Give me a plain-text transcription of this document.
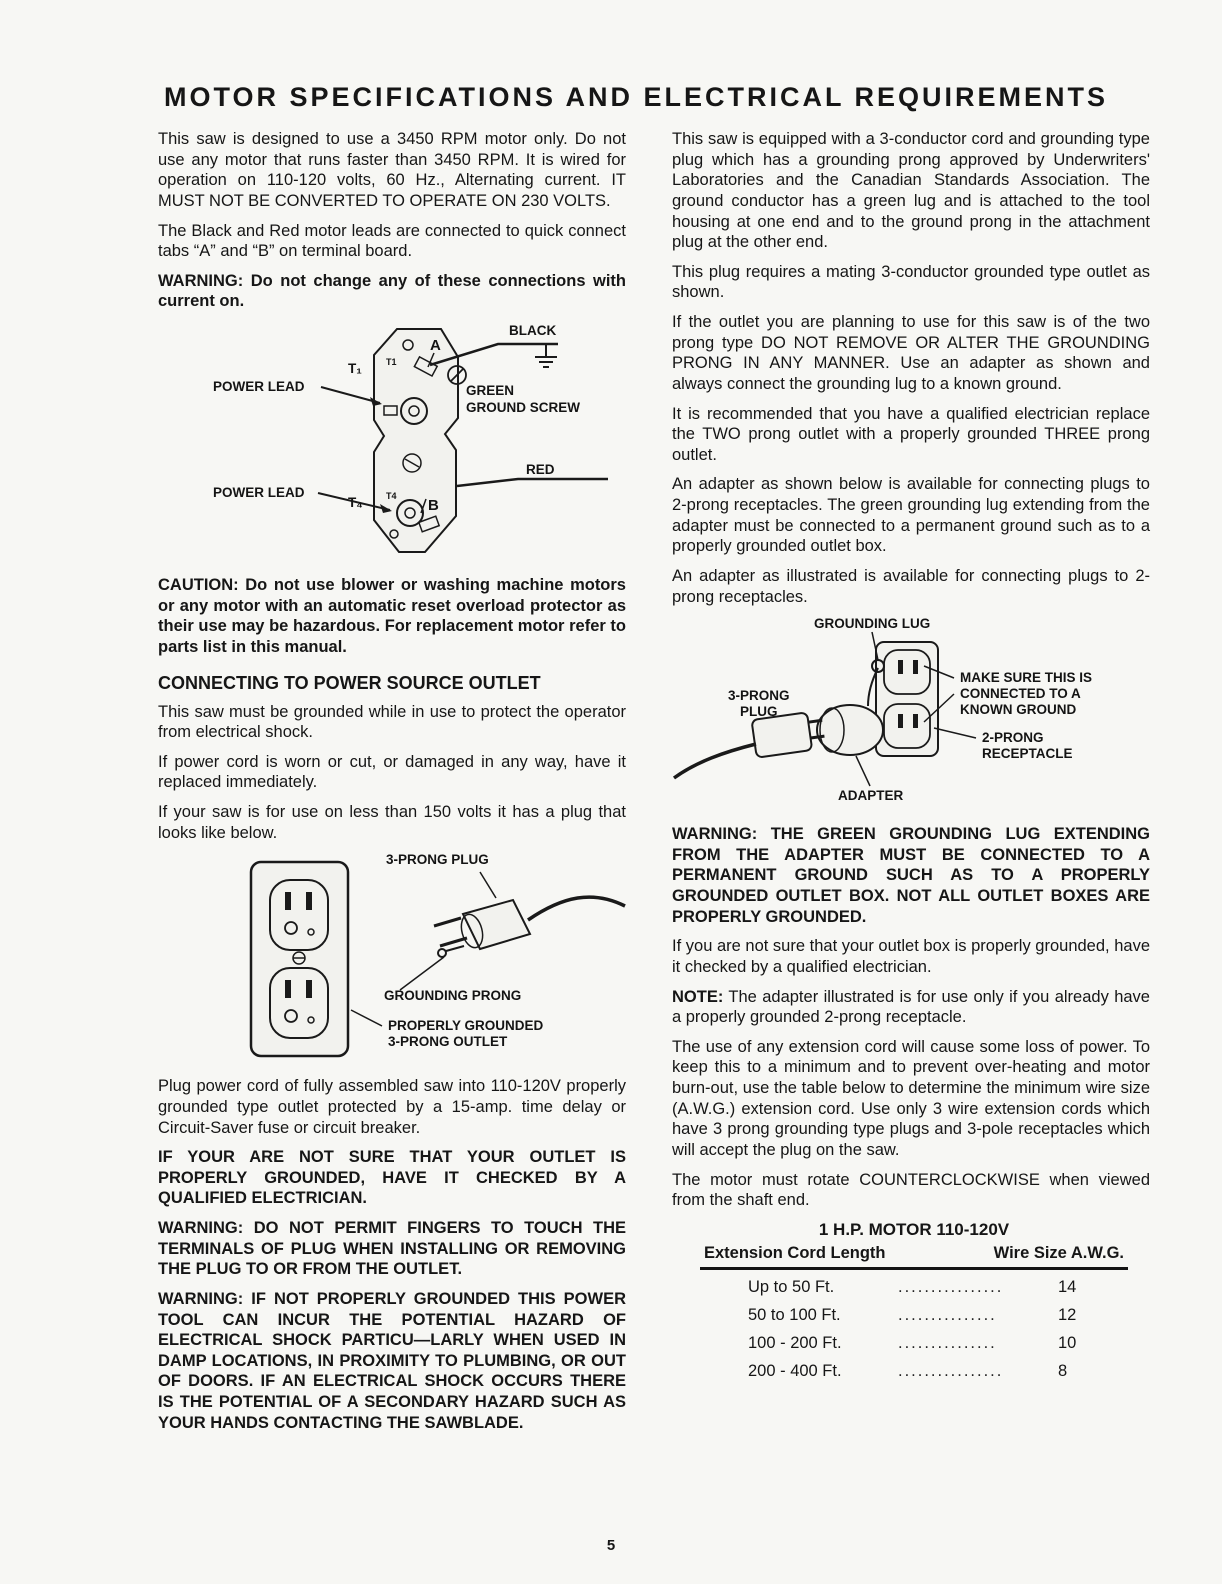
MOTOR SPECIFICATIONS AND ELECTRICAL REQUIREMENTS

This saw is designed to use a 3450 RPM motor only. Do not use any motor that runs faster than 3450 RPM. It is wired for operation on 110-120 volts, 60 Hz., Alternating current. IT MUST NOT BE CONVERTED TO OPERATE ON 230 VOLTS.

The Black and Red motor leads are connected to quick connect tabs “A” and “B” on terminal board.

WARNING: Do not change any of these connections with current on.

BLACK
POWER LEAD
T₁	T1
A
GREEN
GROUND SCREW
RED
POWER LEAD
T₄	T4
B

CAUTION: Do not use blower or washing machine motors or any motor with an automatic reset overload protector as their use may be hazardous. For replacement motor refer to parts list in this manual.

CONNECTING TO POWER SOURCE OUTLET

This saw must be grounded while in use to protect the operator from electrical shock.

If power cord is worn or cut, or damaged in any way, have it replaced immediately.

If your saw is for use on less than 150 volts it has a plug that looks like below.

3-PRONG PLUG
GROUNDING PRONG
PROPERLY GROUNDED
3-PRONG OUTLET

Plug power cord of fully assembled saw into 110-120V properly grounded type outlet protected by a 15-amp. time delay or Circuit-Saver fuse or circuit breaker.

IF YOUR ARE NOT SURE THAT YOUR OUTLET IS PROPERLY GROUNDED, HAVE IT CHECKED BY A QUALIFIED ELECTRICIAN.

WARNING: DO NOT PERMIT FINGERS TO TOUCH THE TERMINALS OF PLUG WHEN INSTALLING OR REMOVING THE PLUG TO OR FROM THE OUTLET.

WARNING: IF NOT PROPERLY GROUNDED THIS POWER TOOL CAN INCUR THE POTENTIAL HAZARD OF ELECTRICAL SHOCK PARTICU—LARLY WHEN USED IN DAMP LOCATIONS, IN PROXIMITY TO PLUMBING, OR OUT OF DOORS. IF AN ELECTRICAL SHOCK OCCURS THERE IS THE POTENTIAL OF A SECONDARY HAZARD SUCH AS YOUR HANDS CONTACTING THE SAWBLADE.

This saw is equipped with a 3-conductor cord and grounding type plug which has a grounding prong approved by Underwriters' Laboratories and the Canadian Standards Association. The ground conductor has a green lug and is attached to the tool housing at one end and to the ground prong in the attachment plug at the other end.

This plug requires a mating 3-conductor grounded type outlet as shown.

If the outlet you are planning to use for this saw is of the two prong type DO NOT REMOVE OR ALTER THE GROUNDING PRONG IN ANY MANNER. Use an adapter as shown and always connect the grounding lug to a known ground.

It is recommended that you have a qualified electrician replace the TWO prong outlet with a properly grounded THREE prong outlet.

An adapter as shown below is available for connecting plugs to 2-prong receptacles. The green grounding lug extending from the adapter must be connected to a permanent ground such as to a properly grounded outlet box.

An adapter as illustrated is available for connecting plugs to 2-prong receptacles.

GROUNDING LUG
3-PRONG
PLUG
MAKE SURE THIS IS
CONNECTED TO A
KNOWN GROUND
2-PRONG
RECEPTACLE
ADAPTER

WARNING: THE GREEN GROUNDING LUG EXTENDING FROM THE ADAPTER MUST BE CONNECTED TO A PERMANENT GROUND SUCH AS TO A PROPERLY GROUNDED OUTLET BOX. NOT ALL OUTLET BOXES ARE PROPERLY GROUNDED.

If you are not sure that your outlet box is properly grounded, have it checked by a qualified electrician.

NOTE: The adapter illustrated is for use only if you already have a properly grounded 2-prong receptacle.

The use of any extension cord will cause some loss of power. To keep this to a minimum and to prevent over-heating and motor burn-out, use the table below to determine the minimum wire size (A.W.G.) extension cord. Use only 3 wire extension cords which have 3 prong grounding type plugs and 3-pole receptacles which will accept the plug on the saw.

The motor must rotate COUNTERCLOCKWISE when viewed from the shaft end.

1 H.P. MOTOR 110-120V
Extension Cord Length	Wire Size A.W.G.
Up to 50 Ft.	................	14
50 to 100 Ft.	...............	12
100 - 200 Ft.	...............	10
200 - 400 Ft.	................	8
5
